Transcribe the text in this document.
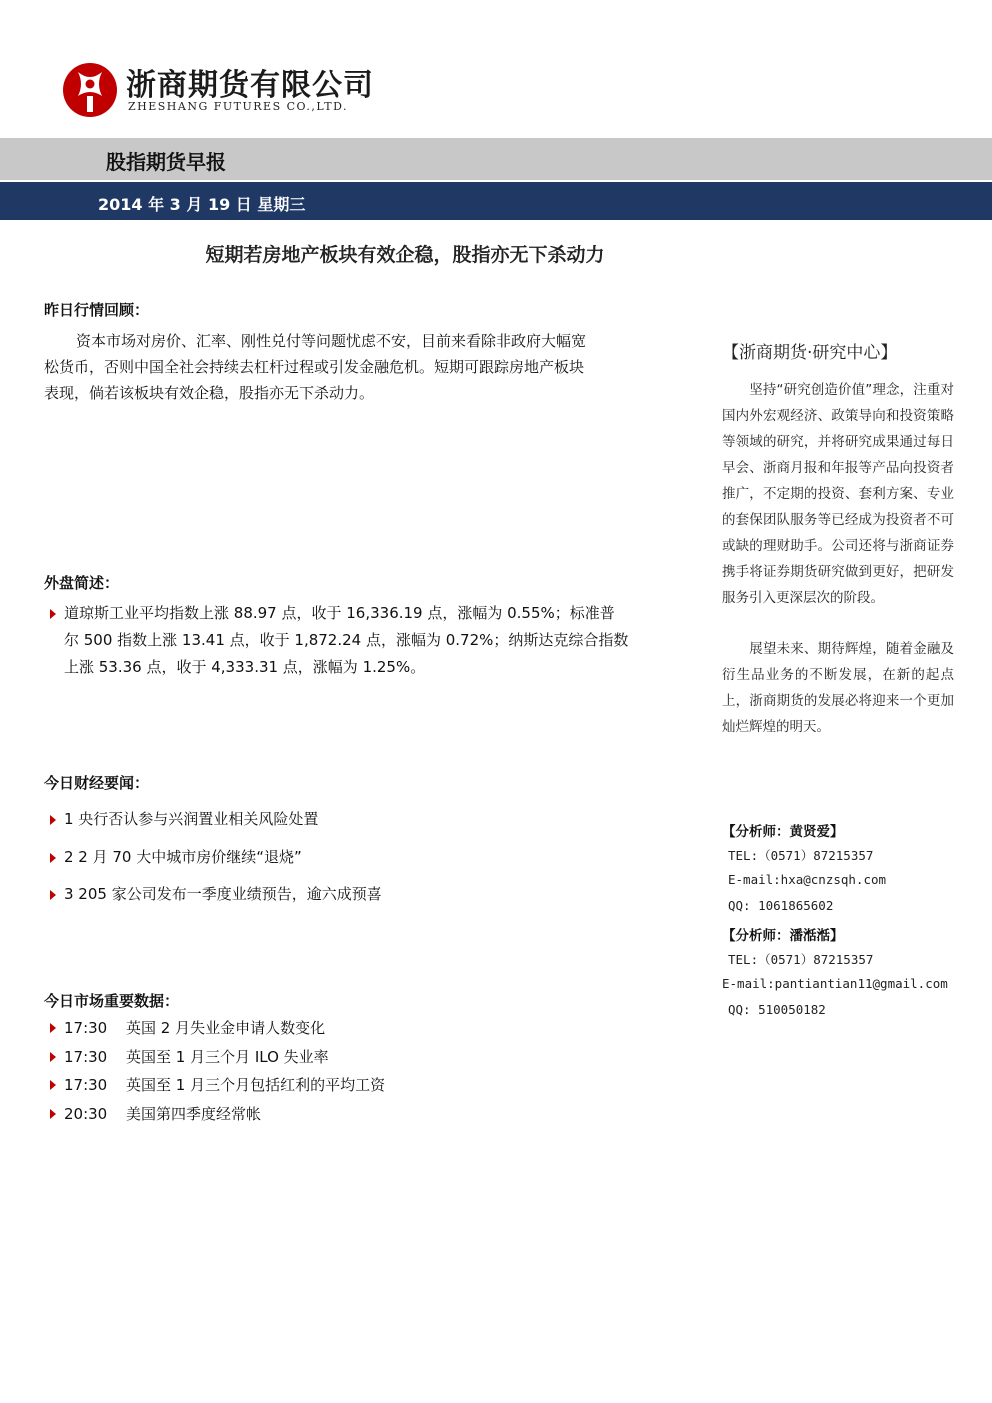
浙商期货有限公司
ZHESHANG FUTURES CO.,LTD.
股指期货早报
2014 年 3 月 19 日 星期三
短期若房地产板块有效企稳，股指亦无下杀动力
昨日行情回顾：
资本市场对房价、汇率、刚性兑付等问题忧虑不安，目前来看除非政府大幅宽
松货币，否则中国全社会持续去杠杆过程或引发金融危机。短期可跟踪房地产板块
表现，倘若该板块有效企稳，股指亦无下杀动力。
外盘简述：
道琼斯工业平均指数上涨 88.97 点，收于 16,336.19 点，涨幅为 0.55%；标准普
尔 500 指数上涨 13.41 点，收于 1,872.24 点，涨幅为 0.72%；纳斯达克综合指数
上涨 53.36 点，收于 4,333.31 点，涨幅为 1.25%。
今日财经要闻：
1 央行否认参与兴润置业相关风险处置
2 2 月 70 大中城市房价继续“退烧”
3 205 家公司发布一季度业绩预告，逾六成预喜
今日市场重要数据：
17:30	英国 2 月失业金申请人数变化
17:30	英国至 1 月三个月 ILO 失业率
17:30	英国至 1 月三个月包括红利的平均工资
20:30	美国第四季度经常帐
【浙商期货·研究中心】
　　坚持“研究创造价值”理念，注重对国内外宏观经济、政策导向和投资策略等领域的研究，并将研究成果通过每日早会、浙商月报和年报等产品向投资者推广，不定期的投资、套利方案、专业的套保团队服务等已经成为投资者不可或缺的理财助手。公司还将与浙商证券携手将证券期货研究做到更好，把研发服务引入更深层次的阶段。
　　展望未来、期待辉煌，随着金融及衍生品业务的不断发展，在新的起点上，浙商期货的发展必将迎来一个更加灿烂辉煌的明天。
【分析师：黄贤爱】
TEL:（0571）87215357
E-mail:hxa@cnzsqh.com
QQ: 1061865602
【分析师：潘湉湉】
TEL:（0571）87215357
E-mail:pantiantian11@gmail.com
QQ: 510050182
